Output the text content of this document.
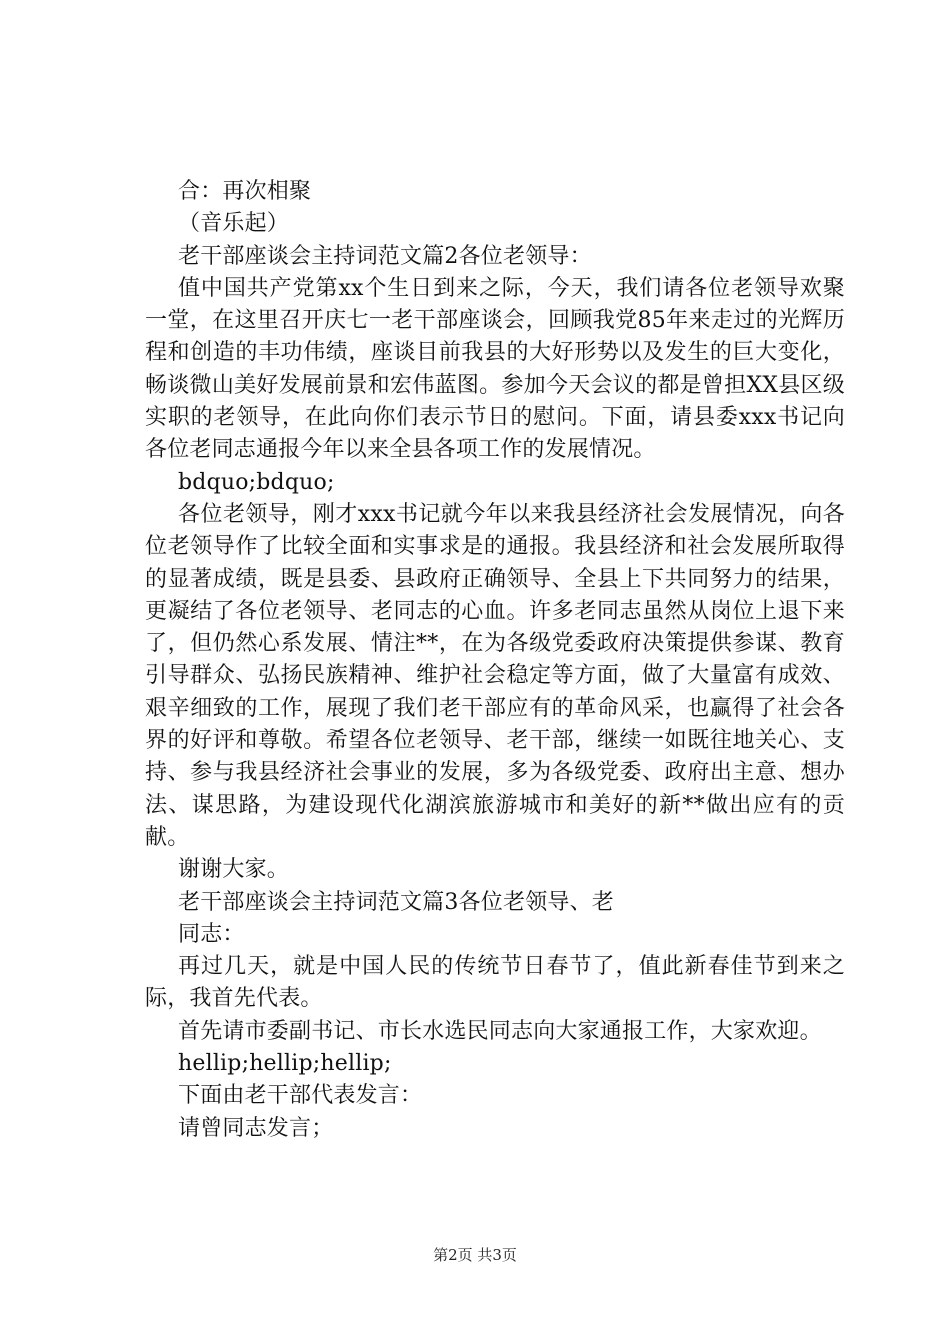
合：再次相聚

（音乐起）

老干部座谈会主持词范文篇2各位老领导：

值中国共产党第xx个生日到来之际，今天，我们请各位老领导欢聚一堂，在这里召开庆七一老干部座谈会，回顾我党85年来走过的光辉历程和创造的丰功伟绩，座谈目前我县的大好形势以及发生的巨大变化，畅谈微山美好发展前景和宏伟蓝图。参加今天会议的都是曾担XX县区级实职的老领导，在此向你们表示节日的慰问。下面，请县委xxx书记向各位老同志通报今年以来全县各项工作的发展情况。

bdquo;bdquo;

各位老领导，刚才xxx书记就今年以来我县经济社会发展情况，向各位老领导作了比较全面和实事求是的通报。我县经济和社会发展所取得的显著成绩，既是县委、县政府正确领导、全县上下共同努力的结果，更凝结了各位老领导、老同志的心血。许多老同志虽然从岗位上退下来了，但仍然心系发展、情注**，在为各级党委政府决策提供参谋、教育引导群众、弘扬民族精神、维护社会稳定等方面，做了大量富有成效、艰辛细致的工作，展现了我们老干部应有的革命风采，也赢得了社会各界的好评和尊敬。希望各位老领导、老干部，继续一如既往地关心、支持、参与我县经济社会事业的发展，多为各级党委、政府出主意、想办法、谋思路，为建设现代化湖滨旅游城市和美好的新**做出应有的贡献。

谢谢大家。

老干部座谈会主持词范文篇3各位老领导、老

同志：

再过几天，就是中国人民的传统节日春节了，值此新春佳节到来之际，我首先代表。

首先请市委副书记、市长水选民同志向大家通报工作，大家欢迎。

hellip;hellip;hellip;

下面由老干部代表发言：

请曾同志发言；

第2页 共3页
